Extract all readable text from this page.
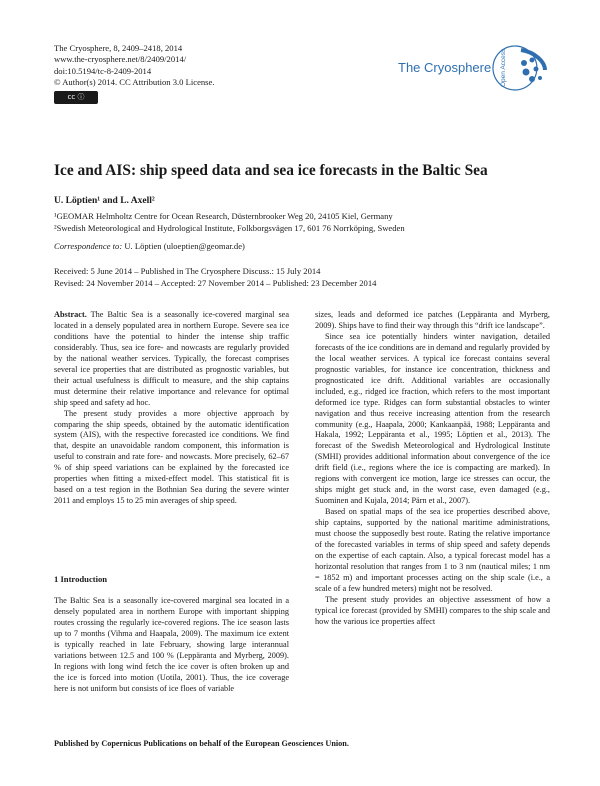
The Cryosphere, 8, 2409–2418, 2014
www.the-cryosphere.net/8/2409/2014/
doi:10.5194/tc-8-2409-2014
© Author(s) 2014. CC Attribution 3.0 License.
cc ⓘ
Open Access
The Cryosphere
Ice and AIS: ship speed data and sea ice forecasts in the Baltic Sea
U. Löptien¹ and L. Axell²
¹GEOMAR Helmholtz Centre for Ocean Research, Düsternbrooker Weg 20, 24105 Kiel, Germany
²Swedish Meteorological and Hydrological Institute, Folkborgsvägen 17, 601 76 Norrköping, Sweden
Correspondence to: U. Löptien (uloeptien@geomar.de)
Received: 5 June 2014 – Published in The Cryosphere Discuss.: 15 July 2014
Revised: 24 November 2014 – Accepted: 27 November 2014 – Published: 23 December 2014

Abstract. The Baltic Sea is a seasonally ice-covered marginal sea located in a densely populated area in northern Europe. Severe sea ice conditions have the potential to hinder the intense ship traffic considerably. Thus, sea ice fore- and nowcasts are regularly provided by the national weather services. Typically, the forecast comprises several ice properties that are distributed as prognostic variables, but their actual usefulness is difficult to measure, and the ship captains must determine their relative importance and relevance for optimal ship speed and safety ad hoc.

The present study provides a more objective approach by comparing the ship speeds, obtained by the automatic identification system (AIS), with the respective forecasted ice conditions. We find that, despite an unavoidable random component, this information is useful to constrain and rate fore- and nowcasts. More precisely, 62–67 % of ship speed variations can be explained by the forecasted ice properties when fitting a mixed-effect model. This statistical fit is based on a test region in the Bothnian Sea during the severe winter 2011 and employs 15 to 25 min averages of ship speed.

1 Introduction

The Baltic Sea is a seasonally ice-covered marginal sea located in a densely populated area in northern Europe with important shipping routes crossing the regularly ice-covered regions. The ice season lasts up to 7 months (Vihma and Haapala, 2009). The maximum ice extent is typically reached in late February, showing large interannual variations between 12.5 and 100 % (Leppäranta and Myrberg, 2009). In regions with long wind fetch the ice cover is often broken up and the ice is forced into motion (Uotila, 2001). Thus, the ice coverage here is not uniform but consists of ice floes of variable

sizes, leads and deformed ice patches (Leppäranta and Myrberg, 2009). Ships have to find their way through this “drift ice landscape”.

Since sea ice potentially hinders winter navigation, detailed forecasts of the ice conditions are in demand and regularly provided by the local weather services. A typical ice forecast contains several prognostic variables, for instance ice concentration, thickness and prognosticated ice drift. Additional variables are occasionally included, e.g., ridged ice fraction, which refers to the most important deformed ice type. Ridges can form substantial obstacles to winter navigation and thus receive increasing attention from the research community (e.g., Haapala, 2000; Kankaanpää, 1988; Leppäranta and Hakala, 1992; Leppäranta et al., 1995; Löptien et al., 2013). The forecast of the Swedish Meteorological and Hydrological Institute (SMHI) provides additional information about convergence of the ice drift field (i.e., regions where the ice is compacting are marked). In regions with convergent ice motion, large ice stresses can occur, the ships might get stuck and, in the worst case, even damaged (e.g., Suominen and Kujala, 2014; Pärn et al., 2007).

Based on spatial maps of the sea ice properties described above, ship captains, supported by the national maritime administrations, must choose the supposedly best route. Rating the relative importance of the forecasted variables in terms of ship speed and safety depends on the expertise of each captain. Also, a typical forecast model has a horizontal resolution that ranges from 1 to 3 nm (nautical miles; 1 nm = 1852 m) and important processes acting on the ship scale (i.e., a scale of a few hundred meters) might not be resolved.

The present study provides an objective assessment of how a typical ice forecast (provided by SMHI) compares to the ship scale and how the various ice properties affect

Published by Copernicus Publications on behalf of the European Geosciences Union.
